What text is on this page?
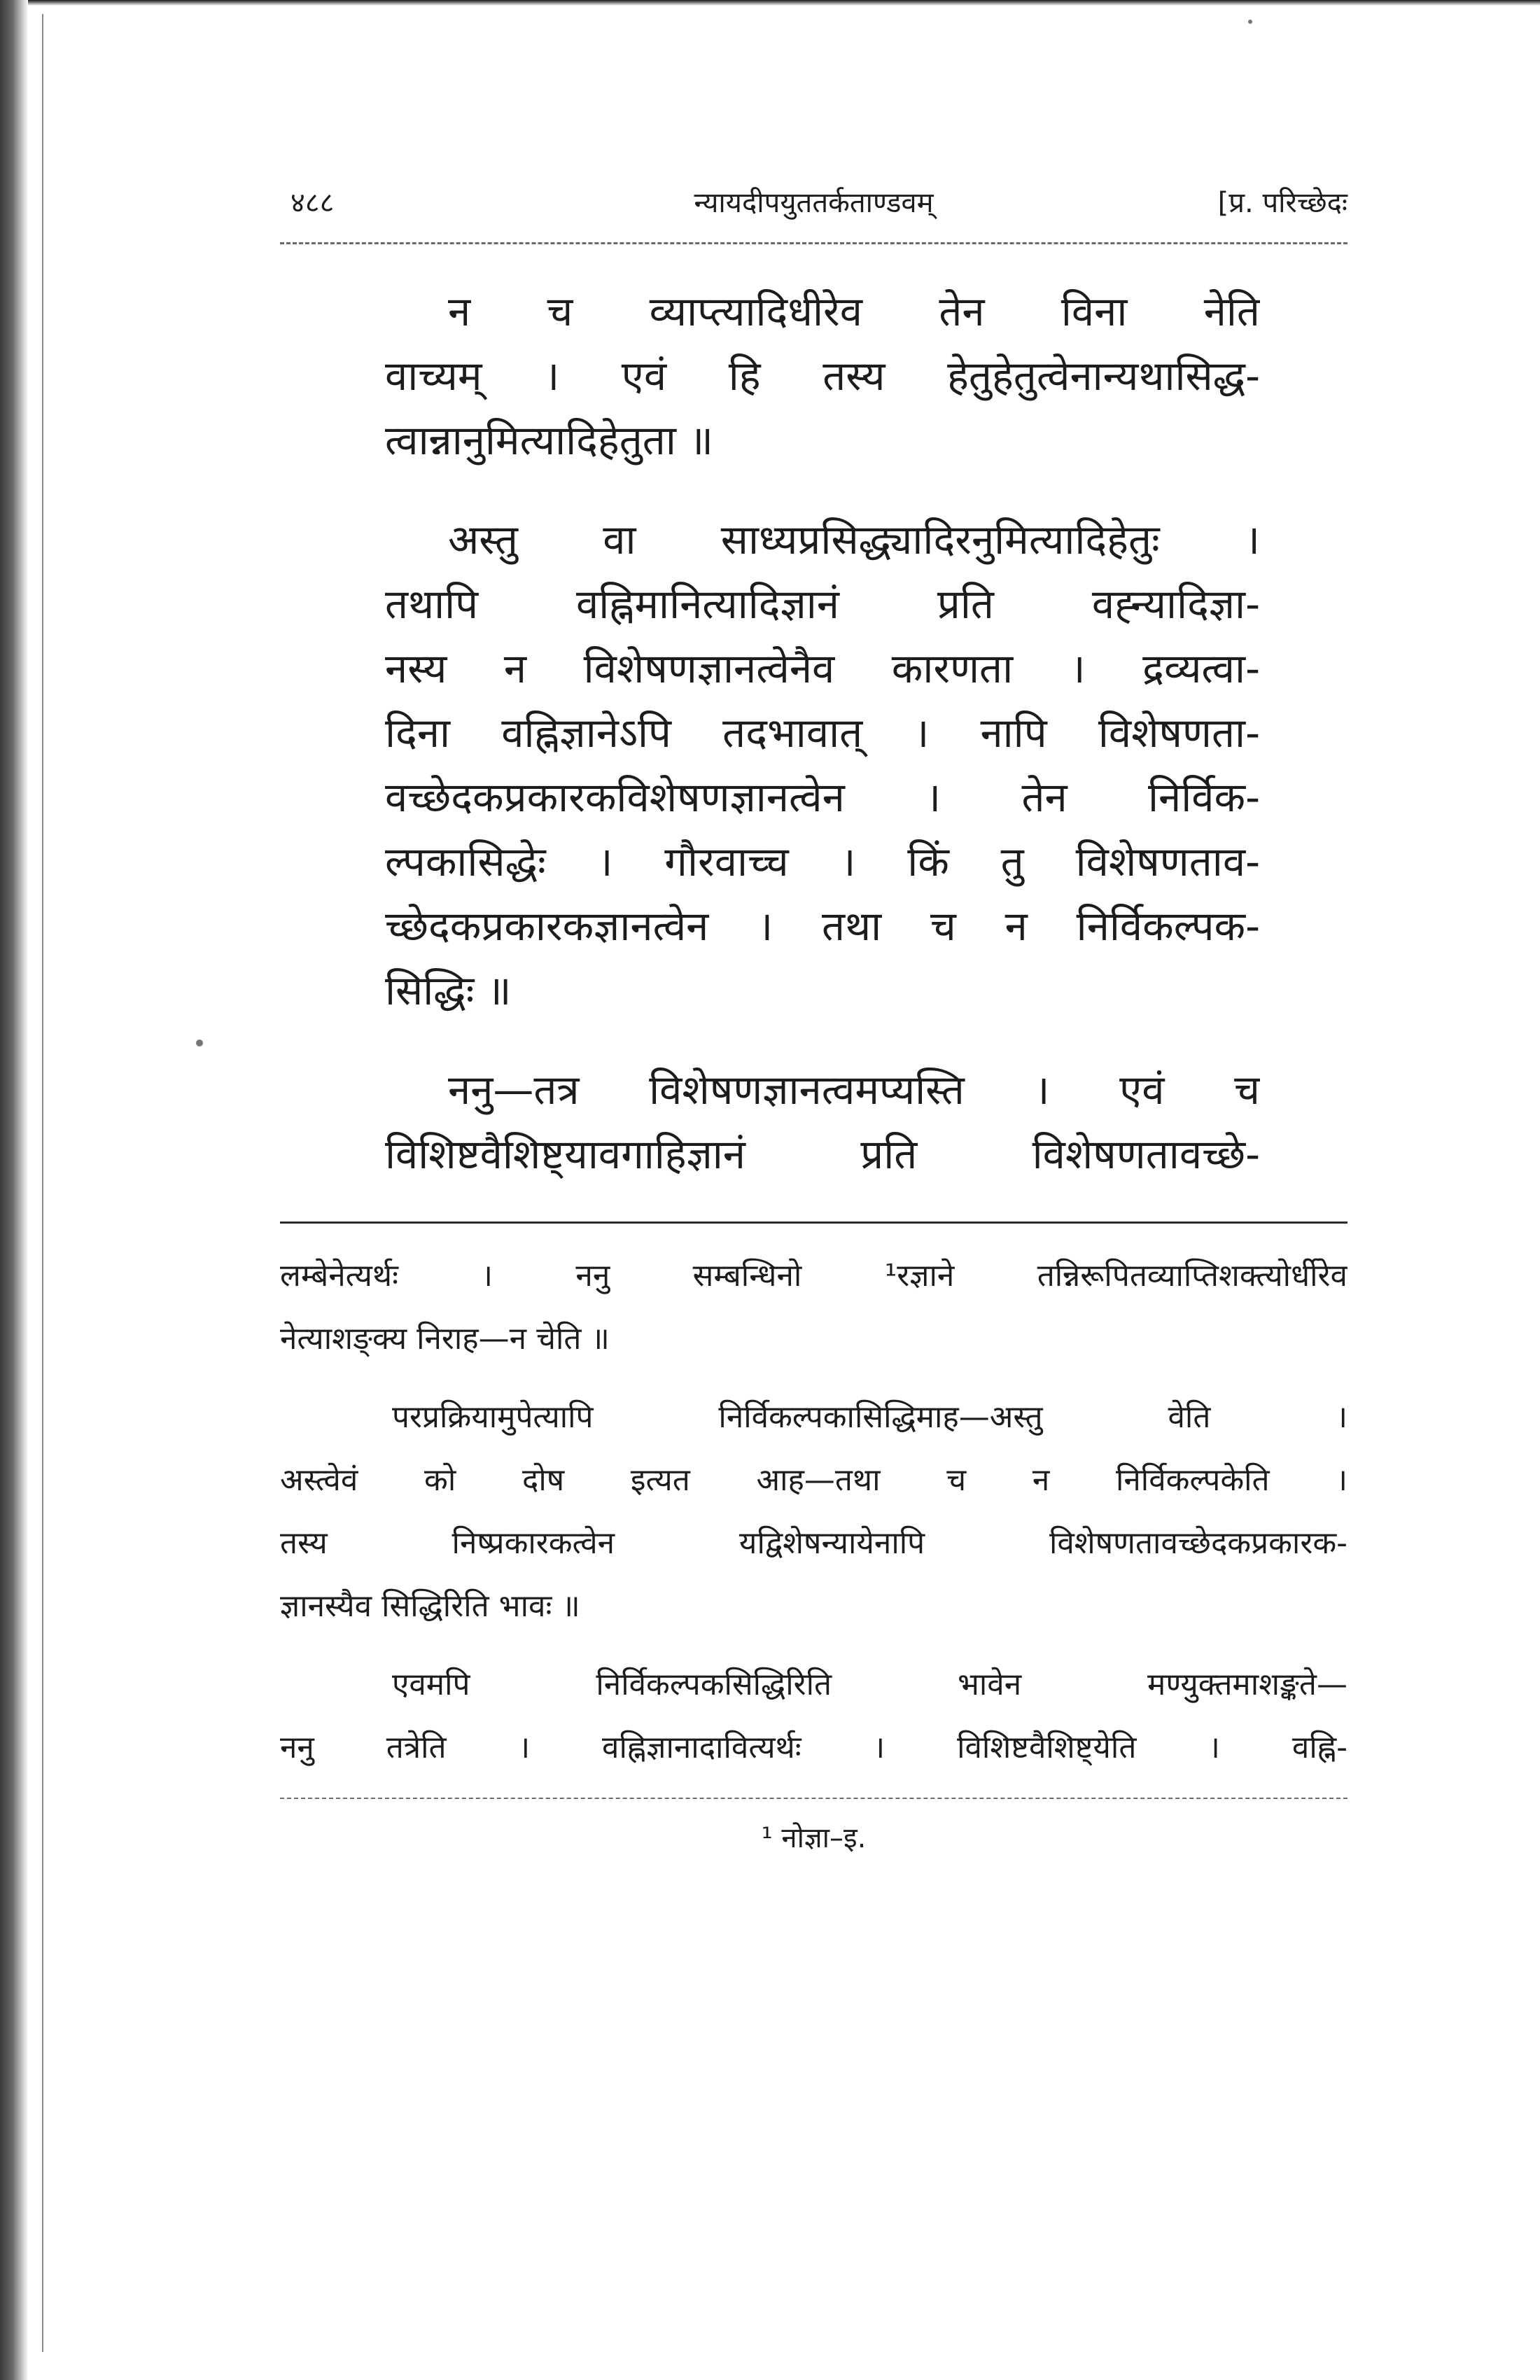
४८८	न्यायदीपयुततर्कताण्डवम्	[प्र. परिच्छेदः
न च व्याप्त्यादिधीरेव तेन विना नेति
वाच्यम् । एवं हि तस्य हेतुहेतुत्वेनान्यथासिद्ध-
त्वान्नानुमित्यादिहेतुता ॥
अस्तु वा साध्यप्रसिद्ध्यादिरनुमित्यादिहेतुः ।
तथापि वह्निमानित्यादिज्ञानं प्रति वह्न्यादिज्ञा-
नस्य न विशेषणज्ञानत्वेनैव कारणता । द्रव्यत्वा-
दिना वह्निज्ञानेऽपि तदभावात् । नापि विशेषणता-
वच्छेदकप्रकारकविशेषणज्ञानत्वेन । तेन निर्विक-
ल्पकासिद्धेः । गौरवाच्च । किं तु विशेषणताव-
च्छेदकप्रकारकज्ञानत्वेन । तथा च न निर्विकल्पक-
सिद्धिः ॥
ननु—तत्र विशेषणज्ञानत्वमप्यस्ति । एवं च
विशिष्टवैशिष्ट्यावगाहिज्ञानं प्रति विशेषणतावच्छे-
लम्बेनेत्यर्थः । ननु सम्बन्धिनो ¹रज्ञाने तन्निरूपितव्याप्तिशक्त्योर्धीरेव
नेत्याशङ्क्य निराह—न चेति ॥
परप्रक्रियामुपेत्यापि निर्विकल्पकासिद्धिमाह—अस्तु वेति ।
अस्त्वेवं को दोष इत्यत आह—तथा च न निर्विकल्पकेति ।
तस्य निष्प्रकारकत्वेन यद्विशेषन्यायेनापि विशेषणतावच्छेदकप्रकारक-
ज्ञानस्यैव सिद्धिरिति भावः ॥
एवमपि निर्विकल्पकसिद्धिरिति भावेन मण्युक्तमाशङ्कते—
ननु तत्रेति । वह्निज्ञानादावित्यर्थः । विशिष्टवैशिष्ट्येति । वह्नि-
¹ नोज्ञा–इ.
